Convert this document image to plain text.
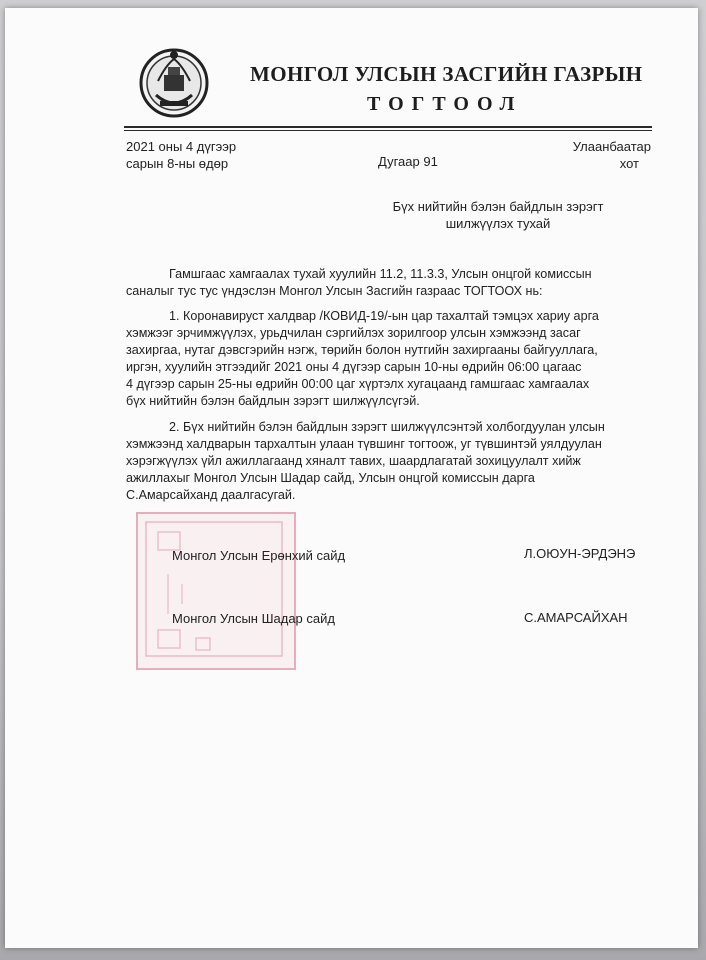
МОНГОЛ УЛСЫН ЗАСГИЙН ГАЗРЫН
ТОГТООЛ
2021 оны 4 дүгээр
сарын 8-ны өдөр	Дугаар 91
Улаанбаатар
хот
Бүх нийтийн бэлэн байдлын зэрэгт
шилжүүлэх тухай
Гамшгаас хамгаалах тухай хуулийн 11.2, 11.3.3, Улсын онцгой комиссын
саналыг тус тус үндэслэн Монгол Улсын Засгийн газраас ТОГТООХ нь:
1. Коронавируст халдвар /КОВИД-19/-ын цар тахалтай тэмцэх хариу арга
хэмжээг эрчимжүүлэх, урьдчилан сэргийлэх зорилгоор улсын хэмжээнд засаг
захиргаа, нутаг дэвсгэрийн нэгж, төрийн болон нутгийн захиргааны байгууллага,
иргэн, хуулийн этгээдийг 2021 оны 4 дүгээр сарын 10-ны өдрийн 06:00 цагаас
4 дүгээр сарын 25-ны өдрийн 00:00 цаг хүртэлх хугацаанд гамшгаас хамгаалах
бүх нийтийн бэлэн байдлын зэрэгт шилжүүлсүгэй.
2. Бүх нийтийн бэлэн байдлын зэрэгт шилжүүлсэнтэй холбогдуулан улсын
хэмжээнд халдварын тархалтын улаан түвшинг тогтоож, уг түвшинтэй уялдуулан
хэрэгжүүлэх үйл ажиллагаанд хяналт тавих, шаардлагатай зохицуулалт хийж
ажиллахыг Монгол Улсын Шадар сайд, Улсын онцгой комиссын дарга
С.Амарсайханд даалгасугай.
Монгол Улсын Ерөнхий сайд	Л.ОЮУН-ЭРДЭНЭ
Монгол Улсын Шадар сайд	С.АМАРСАЙХАН
